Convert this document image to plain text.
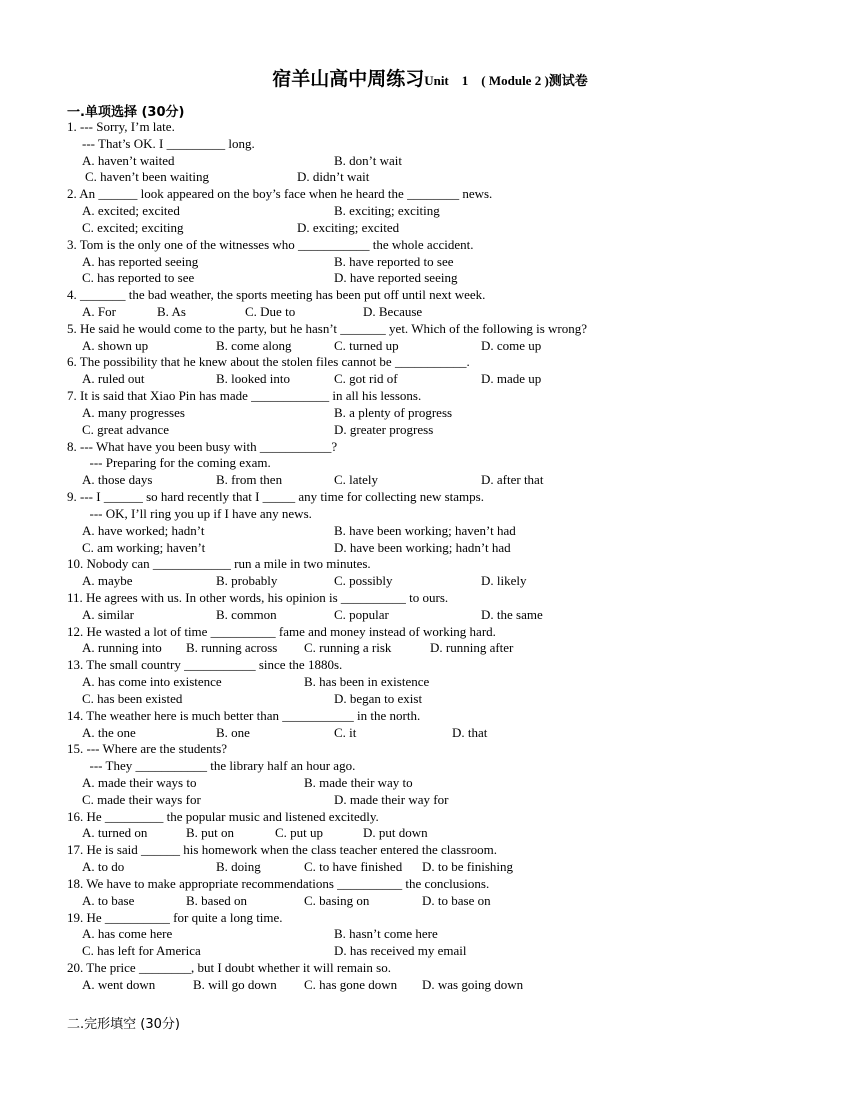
宿羊山高中周练习Unit　1　( Module 2 )测试卷
一.单项选择 (30分)
1. --- Sorry, I’m late.
--- That’s OK. I _________ long.
A. haven’t waited	B. don’t wait
C. haven’t been waiting	D. didn’t wait
2. An ______ look appeared on the boy’s face when he heard the ________ news.
A. excited; excited	B. exciting; exciting
C. excited; exciting	D. exciting; excited
3. Tom is the only one of the witnesses who ___________ the whole accident.
A. has reported seeing	B. have reported to see
C. has reported to see	D. have reported seeing
4. _______ the bad weather, the sports meeting has been put off until next week.
A. For	B. As	C. Due to	D. Because
5. He said he would come to the party, but he hasn’t _______ yet. Which of the following is wrong?
A. shown up	B. come along	C. turned up	D. come up
6. The possibility that he knew about the stolen files cannot be ___________.
A. ruled out	B. looked into	C. got rid of	D. made up
7. It is said that Xiao Pin has made ____________ in all his lessons.
A. many progresses	B. a plenty of progress
C. great advance	D. greater progress
8. --- What have you been busy with ___________?
--- Preparing for the coming exam.
A. those days	B. from then	C. lately	D. after that
9. --- I ______ so hard recently that I _____ any time for collecting new stamps.
--- OK, I’ll ring you up if I have any news.
A. have worked; hadn’t	B. have been working; haven’t had
C. am working; haven’t	D. have been working; hadn’t had
10. Nobody can ____________ run a mile in two minutes.
A. maybe	B. probably	C. possibly	D. likely
11. He agrees with us. In other words, his opinion is __________ to ours.
A. similar	B. common	C. popular	D. the same
12. He wasted a lot of time __________ fame and money instead of working hard.
A. running into B. running across C. running a risk	D. running after
13. The small country ___________ since the 1880s.
A. has come into existence	B. has been in existence
C. has been existed	D. began to exist
14. The weather here is much better than ___________ in the north.
A. the one	B. one	C. it	D. that
15. --- Where are the students?
--- They ___________ the library half an hour ago.
A. made their ways to	B. made their way to
C. made their ways for	D. made their way for
16. He _________ the popular music and listened excitedly.
A. turned on	B. put on	C. put up	D. put down
17. He is said ______ his homework when the class teacher entered the classroom.
A. to do	B. doing	C. to have finished D. to be finishing
18. We have to make appropriate recommendations __________ the conclusions.
A. to base	B. based on	C. basing on	D. to base on
19. He __________ for quite a long time.
A. has come here	B. hasn’t come here
C. has left for America	D. has received my email
20. The price ________, but I doubt whether it will remain so.
A. went down	B. will go down C. has gone down D. was going down
二.完形填空 (30分)
